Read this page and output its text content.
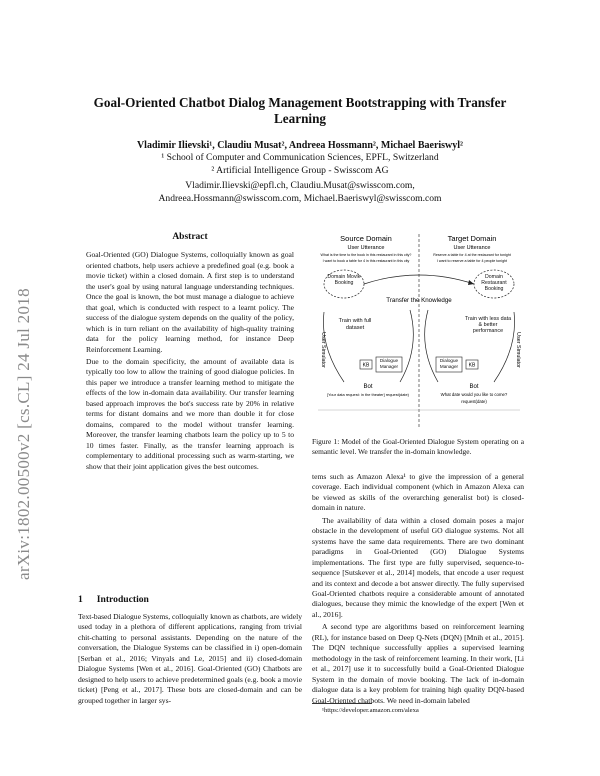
arXiv:1802.00500v2 [cs.CL] 24 Jul 2018
Goal-Oriented Chatbot Dialog Management Bootstrapping with Transfer
Learning
Vladimir Ilievski¹, Claudiu Musat², Andreea Hossmann², Michael Baeriswyl²
¹ School of Computer and Communication Sciences, EPFL, Switzerland
² Artificial Intelligence Group - Swisscom AG
Vladimir.Ilievski@epfl.ch, Claudiu.Musat@swisscom.com,
Andreea.Hossmann@swisscom.com, Michael.Baeriswyl@swisscom.com
Abstract

Goal-Oriented (GO) Dialogue Systems, colloquially known as goal oriented chatbots, help users achieve a predefined goal (e.g. book a movie ticket) within a closed domain. A first step is to understand the user's goal by using natural language understanding techniques. Once the goal is known, the bot must manage a dialogue to achieve that goal, which is conducted with respect to a learnt policy. The success of the dialogue system depends on the quality of the policy, which is in turn reliant on the availability of high-quality training data for the policy learning method, for instance Deep Reinforcement Learning.

Due to the domain specificity, the amount of available data is typically too low to allow the training of good dialogue policies. In this paper we introduce a transfer learning method to mitigate the effects of the low in-domain data availability. Our transfer learning based approach improves the bot's success rate by 20% in relative terms for distant domains and we more than double it for close domains, compared to the model without transfer learning. Moreover, the transfer learning chatbots learn the policy up to 5 to 10 times faster. Finally, as the transfer learning approach is complementary to additional processing such as warm-starting, we show that their joint application gives the best outcomes.

1 Introduction
Text-based Dialogue Systems, colloquially known as chatbots, are widely used today in a plethora of different applications, ranging from trivial chit-chatting to personal assistants. Depending on the nature of the conversation, the Dialogue Systems can be classified in i) open-domain [Serban et al., 2016; Vinyals and Le, 2015] and ii) closed-domain Dialogue Systems [Wen et al., 2016]. Goal-Oriented (GO) Chatbots are designed to help users to achieve predetermined goals (e.g. book a movie ticket) [Peng et al., 2017]. These bots are closed-domain and can be grouped together in larger sys-
Source Domain	Target Domain
User Utterance	User Utterance
What is the time to the book in this restaurant in this city?
I want to book a table for 4 in this restaurant in this city
Reserve a table for 4 at the restaurant for tonight
I want to reserve a table for 4 people tonight
Domain Movie Booking
Domain Restaurant Booking
Transfer the Knowledge
Train with full dataset
Train with less data & better performance
User Simulator	User Simulator
KB
Dialogue Manager
Dialogue Manager	KB
Bot	Bot
[Your data request: in the theater] request(date)	What date would you like to come?
request(date)
Figure 1: Model of the Goal-Oriented Dialogue System operating on a semantic level. We transfer the in-domain knowledge.

tems such as Amazon Alexa¹ to give the impression of a general coverage. Each individual component (which in Amazon Alexa can be viewed as skills of the overarching generalist bot) is closed-domain in nature.

The availability of data within a closed domain poses a major obstacle in the development of useful GO dialogue systems. Not all systems have the same data requirements. There are two dominant paradigms in Goal-Oriented (GO) Dialogue Systems implementations. The first type are fully supervised, sequence-to-sequence [Sutskever et al., 2014] models, that encode a user request and its context and decode a bot answer directly. The fully supervised Goal-Oriented chatbots require a considerable amount of annotated dialogues, because they mimic the knowledge of the expert [Wen et al., 2016].

A second type are algorithms based on reinforcement learning (RL), for instance based on Deep Q-Nets (DQN) [Mnih et al., 2015]. The DQN technique successfully applies a supervised learning methodology in the task of reinforcement learning. In their work, [Li et al., 2017] use it to successfully build a Goal-Oriented Dialogue System in the domain of movie booking. The lack of in-domain dialogue data is a key problem for training high quality DQN-based Goal-Oriented chatbots. We need in-domain labeled

¹https://developer.amazon.com/alexa
